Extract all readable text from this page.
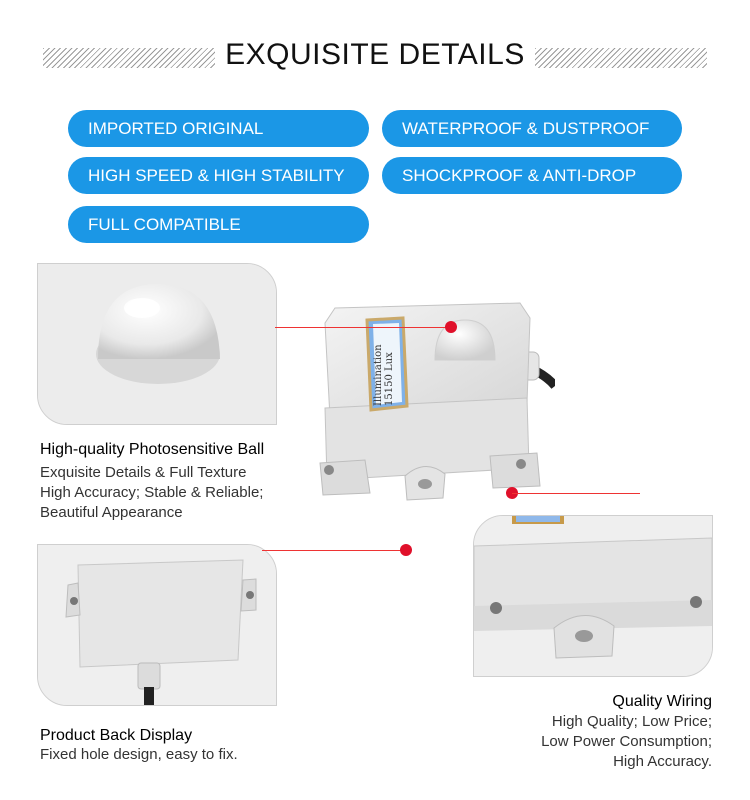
EXQUISITE DETAILS
IMPORTED ORIGINAL	WATERPROOF & DUSTPROOF
HIGH SPEED & HIGH STABILITY	SHOCKPROOF & ANTI-DROP
FULL COMPATIBLE
Illumination
15150 Lux
High-quality Photosensitive Ball
Exquisite Details & Full Texture
High Accuracy; Stable & Reliable;
Beautiful Appearance
Product Back Display
Fixed hole design, easy to fix.
Quality Wiring
High Quality; Low Price;
Low Power Consumption;
High Accuracy.
